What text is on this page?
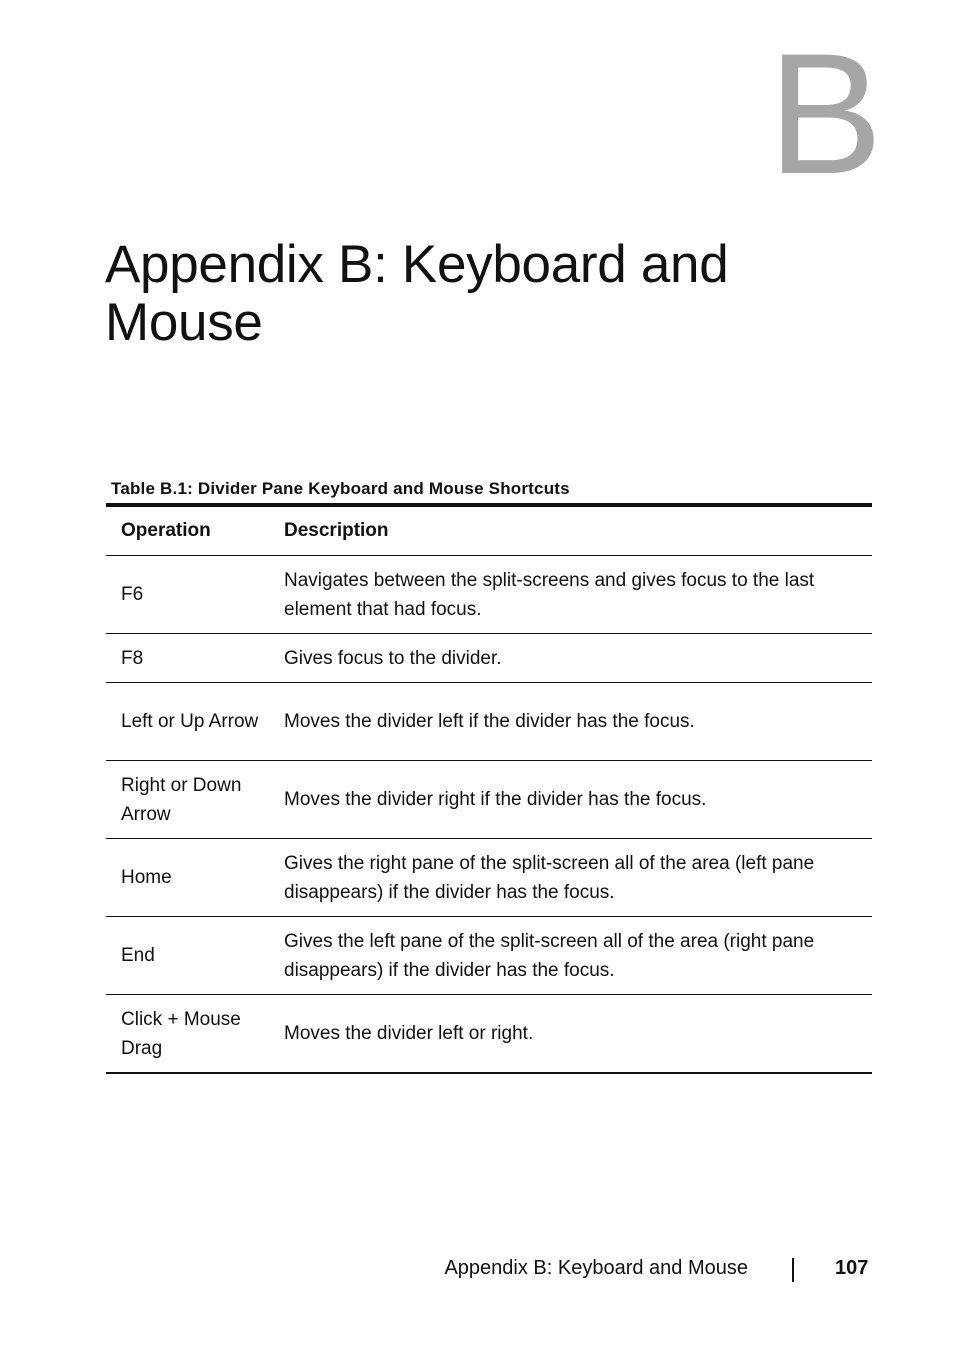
B
Appendix B: Keyboard and Mouse
Table B.1: Divider Pane Keyboard and Mouse Shortcuts
Operation	Description
F6	Navigates between the split-screens and gives focus to the last element that had focus.
F8	Gives focus to the divider.
Left or Up Arrow	Moves the divider left if the divider has the focus.
Right or Down Arrow	Moves the divider right if the divider has the focus.
Home	Gives the right pane of the split-screen all of the area (left pane disappears) if the divider has the focus.
End	Gives the left pane of the split-screen all of the area (right pane disappears) if the divider has the focus.
Click + Mouse Drag	Moves the divider left or right.
Appendix B: Keyboard and Mouse	107
